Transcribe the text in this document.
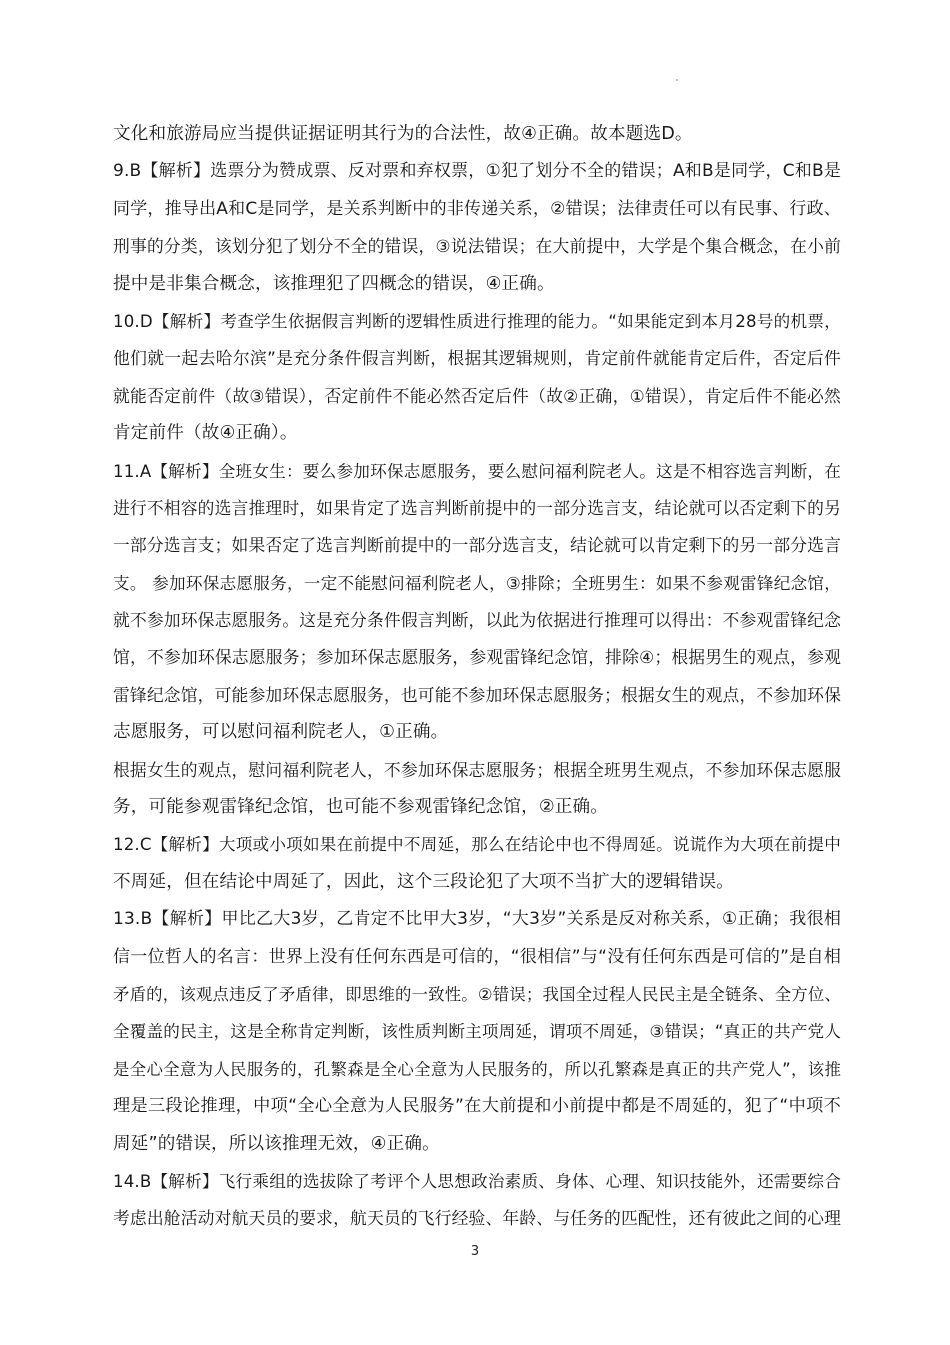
文化和旅游局应当提供证据证明其行为的合法性，故④正确。故本题选D。
9.B【解析】选票分为赞成票、反对票和弃权票，①犯了划分不全的错误；A和B是同学，C和B是
同学，推导出A和C是同学，是关系判断中的非传递关系，②错误；法律责任可以有民事、行政、
刑事的分类，该划分犯了划分不全的错误，③说法错误；在大前提中，大学是个集合概念，在小前
提中是非集合概念，该推理犯了四概念的错误，④正确。
10.D【解析】考查学生依据假言判断的逻辑性质进行推理的能力。“如果能定到本月28号的机票，
他们就一起去哈尔滨”是充分条件假言判断，根据其逻辑规则，肯定前件就能肯定后件，否定后件
就能否定前件（故③错误），否定前件不能必然否定后件（故②正确，①错误），肯定后件不能必然
肯定前件（故④正确）。
11.A【解析】全班女生：要么参加环保志愿服务，要么慰问福利院老人。这是不相容选言判断，在
进行不相容的选言推理时，如果肯定了选言判断前提中的一部分选言支，结论就可以否定剩下的另
一部分选言支；如果否定了选言判断前提中的一部分选言支，结论就可以肯定剩下的另一部分选言
支。 参加环保志愿服务，一定不能慰问福利院老人，③排除；全班男生：如果不参观雷锋纪念馆，
就不参加环保志愿服务。这是充分条件假言判断，以此为依据进行推理可以得出：不参观雷锋纪念
馆，不参加环保志愿服务；参加环保志愿服务，参观雷锋纪念馆，排除④；根据男生的观点，参观
雷锋纪念馆，可能参加环保志愿服务，也可能不参加环保志愿服务；根据女生的观点，不参加环保
志愿服务，可以慰问福利院老人，①正确。
根据女生的观点，慰问福利院老人，不参加环保志愿服务；根据全班男生观点，不参加环保志愿服
务，可能参观雷锋纪念馆，也可能不参观雷锋纪念馆，②正确。
12.C【解析】大项或小项如果在前提中不周延，那么在结论中也不得周延。说谎作为大项在前提中
不周延，但在结论中周延了，因此，这个三段论犯了大项不当扩大的逻辑错误。
13.B【解析】甲比乙大3岁，乙肯定不比甲大3岁，“大3岁”关系是反对称关系，①正确；我很相
信一位哲人的名言：世界上没有任何东西是可信的，“很相信”与“没有任何东西是可信的”是自相
矛盾的，该观点违反了矛盾律，即思维的一致性。②错误；我国全过程人民民主是全链条、全方位、
全覆盖的民主，这是全称肯定判断，该性质判断主项周延，谓项不周延，③错误；“真正的共产党人
是全心全意为人民服务的，孔繁森是全心全意为人民服务的，所以孔繁森是真正的共产党人”，该推
理是三段论推理，中项“全心全意为人民服务”在大前提和小前提中都是不周延的，犯了“中项不
周延”的错误，所以该推理无效，④正确。
14.B【解析】飞行乘组的选拔除了考评个人思想政治素质、身体、心理、知识技能外，还需要综合
考虑出舱活动对航天员的要求，航天员的飞行经验、年龄、与任务的匹配性，还有彼此之间的心理
3
